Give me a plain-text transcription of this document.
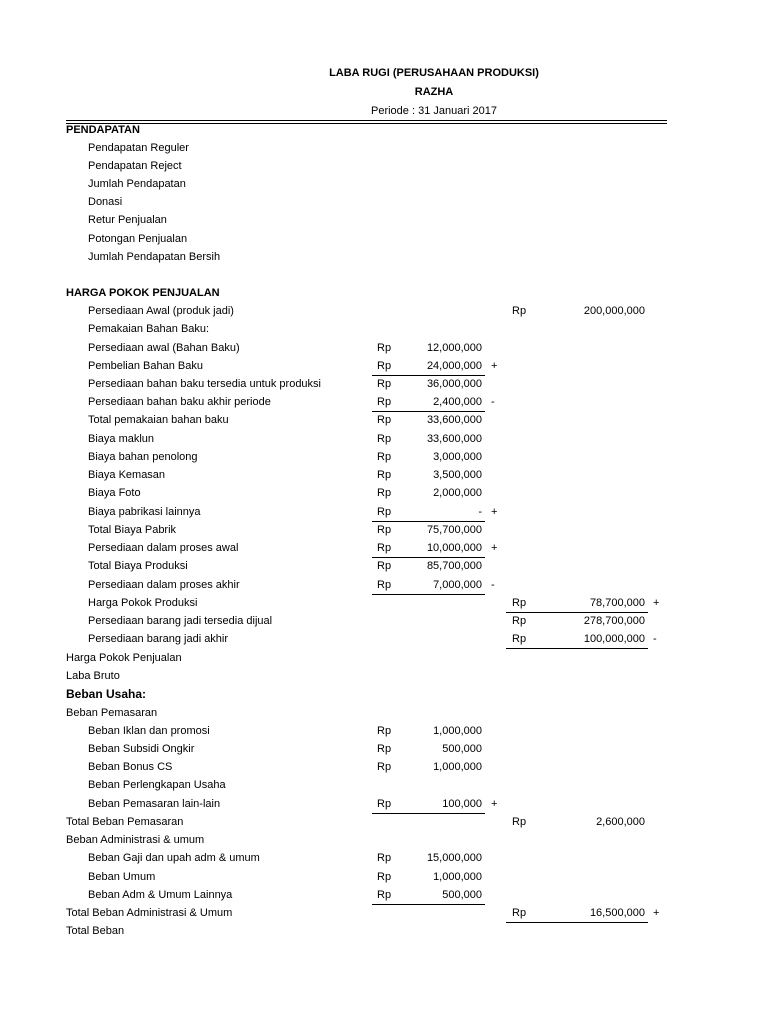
LABA RUGI (PERUSAHAAN PRODUKSI)
RAZHA
Periode : 31 Januari 2017
PENDAPATAN
Pendapatan Reguler
Pendapatan Reject
Jumlah Pendapatan
Donasi
Retur Penjualan
Potongan Penjualan
Jumlah Pendapatan Bersih
HARGA POKOK PENJUALAN
Persediaan Awal (produk jadi)	Rp	200,000,000
Pemakaian Bahan Baku:
Persediaan awal (Bahan Baku)	Rp	12,000,000
Pembelian Bahan Baku	Rp	24,000,000 +
Persediaan bahan baku tersedia untuk produksi	Rp	36,000,000
Persediaan bahan baku akhir periode	Rp	2,400,000 -
Total pemakaian bahan baku	Rp	33,600,000
Biaya maklun	Rp	33,600,000
Biaya bahan penolong	Rp	3,000,000
Biaya Kemasan	Rp	3,500,000
Biaya Foto	Rp	2,000,000
Biaya pabrikasi lainnya	Rp	- +
Total Biaya Pabrik	Rp	75,700,000
Persediaan dalam proses awal	Rp	10,000,000 +
Total Biaya Produksi	Rp	85,700,000
Persediaan dalam proses akhir	Rp	7,000,000 -
Harga Pokok Produksi	Rp	78,700,000 +
Persediaan barang jadi tersedia dijual	Rp	278,700,000
Persediaan barang jadi akhir	Rp	100,000,000 -
Harga Pokok Penjualan
Laba Bruto
Beban Usaha:
Beban Pemasaran
Beban Iklan dan promosi	Rp	1,000,000
Beban Subsidi Ongkir	Rp	500,000
Beban Bonus CS	Rp	1,000,000
Beban Perlengkapan Usaha
Beban Pemasaran lain-lain	Rp	100,000 +
Total Beban Pemasaran	Rp	2,600,000
Beban Administrasi & umum
Beban Gaji dan upah adm & umum	Rp	15,000,000
Beban Umum	Rp	1,000,000
Beban Adm & Umum Lainnya	Rp	500,000
Total Beban Administrasi & Umum	Rp	16,500,000 +
Total Beban
